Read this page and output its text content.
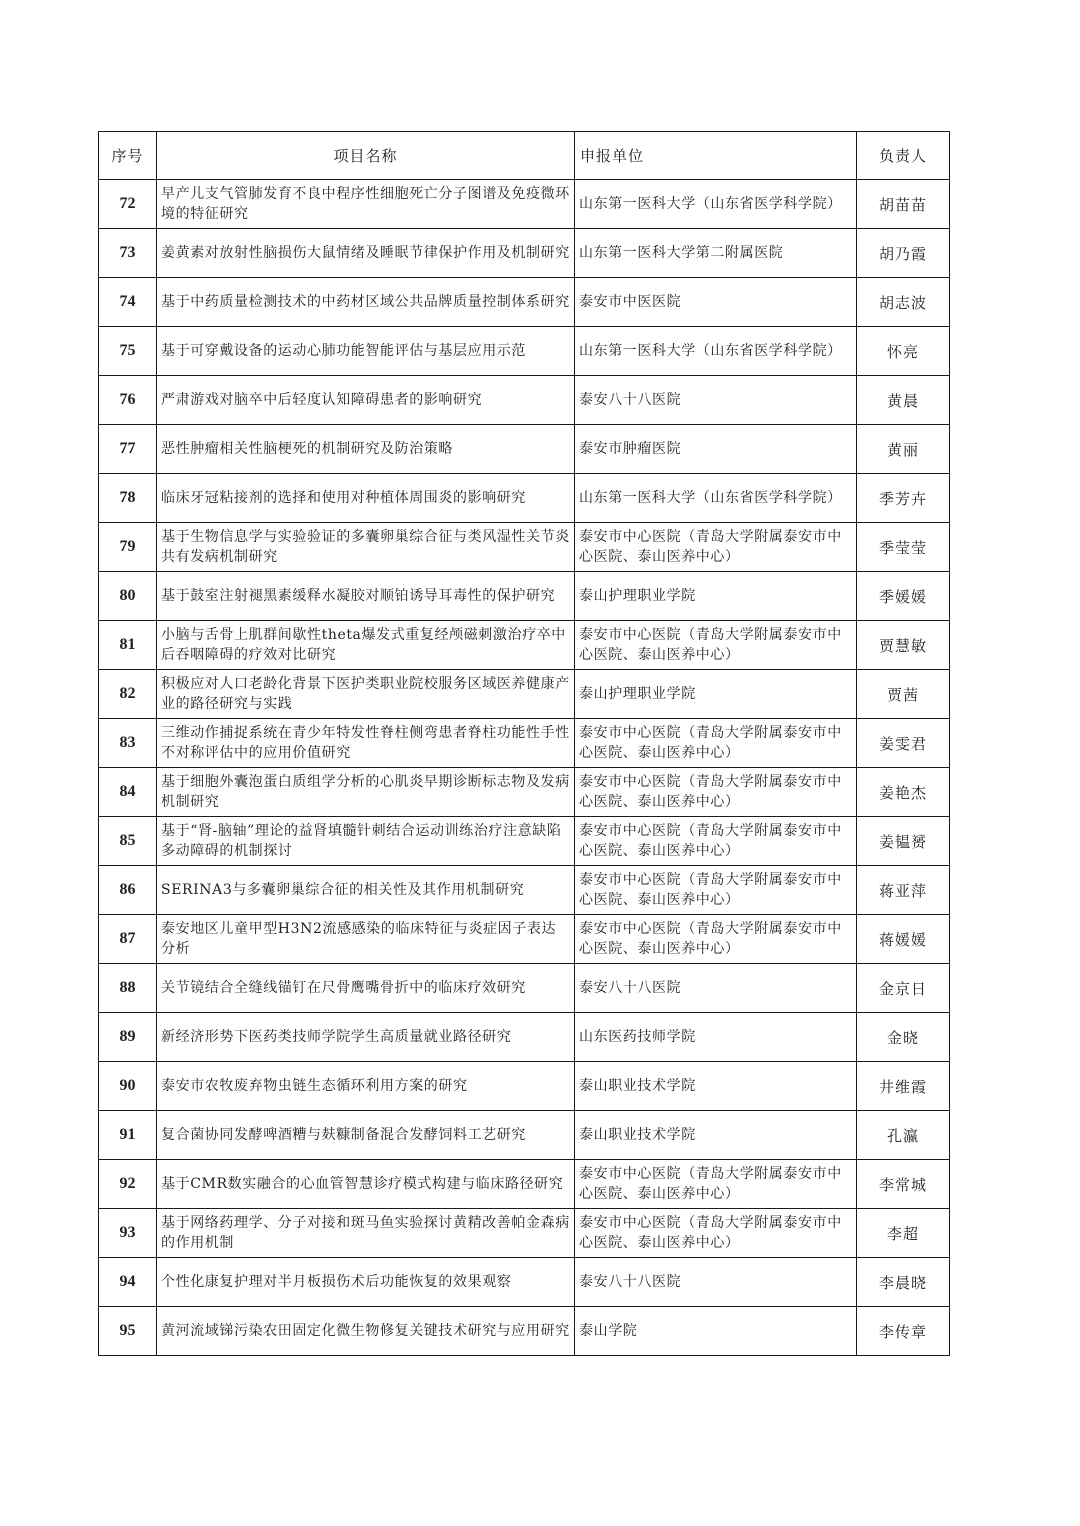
序号	项目名称	申报单位	负责人
72	早产儿支气管肺发育不良中程序性细胞死亡分子图谱及免疫微环境的特征研究	山东第一医科大学（山东省医学科学院）	胡苗苗
73	姜黄素对放射性脑损伤大鼠情绪及睡眠节律保护作用及机制研究	山东第一医科大学第二附属医院	胡乃霞
74	基于中药质量检测技术的中药材区域公共品牌质量控制体系研究	泰安市中医医院	胡志波
75	基于可穿戴设备的运动心肺功能智能评估与基层应用示范	山东第一医科大学（山东省医学科学院）	怀亮
76	严肃游戏对脑卒中后轻度认知障碍患者的影响研究	泰安八十八医院	黄晨
77	恶性肿瘤相关性脑梗死的机制研究及防治策略	泰安市肿瘤医院	黄丽
78	临床牙冠粘接剂的选择和使用对种植体周围炎的影响研究	山东第一医科大学（山东省医学科学院）	季芳卉
79	基于生物信息学与实验验证的多囊卵巢综合征与类风湿性关节炎共有发病机制研究	泰安市中心医院（青岛大学附属泰安市中心医院、泰山医养中心）	季莹莹
80	基于鼓室注射褪黑素缓释水凝胶对顺铂诱导耳毒性的保护研究	泰山护理职业学院	季媛媛
81	小脑与舌骨上肌群间歇性theta爆发式重复经颅磁刺激治疗卒中后吞咽障碍的疗效对比研究	泰安市中心医院（青岛大学附属泰安市中心医院、泰山医养中心）	贾慧敏
82	积极应对人口老龄化背景下医护类职业院校服务区域医养健康产业的路径研究与实践	泰山护理职业学院	贾茜
83	三维动作捕捉系统在青少年特发性脊柱侧弯患者脊柱功能性手性不对称评估中的应用价值研究	泰安市中心医院（青岛大学附属泰安市中心医院、泰山医养中心）	姜雯君
84	基于细胞外囊泡蛋白质组学分析的心肌炎早期诊断标志物及发病机制研究	泰安市中心医院（青岛大学附属泰安市中心医院、泰山医养中心）	姜艳杰
85	基于“肾-脑轴”理论的益肾填髓针刺结合运动训练治疗注意缺陷多动障碍的机制探讨	泰安市中心医院（青岛大学附属泰安市中心医院、泰山医养中心）	姜韫赟
86	SERINA3与多囊卵巢综合征的相关性及其作用机制研究	泰安市中心医院（青岛大学附属泰安市中心医院、泰山医养中心）	蒋亚萍
87	泰安地区儿童甲型H3N2流感感染的临床特征与炎症因子表达分析	泰安市中心医院（青岛大学附属泰安市中心医院、泰山医养中心）	蒋媛媛
88	关节镜结合全缝线锚钉在尺骨鹰嘴骨折中的临床疗效研究	泰安八十八医院	金京日
89	新经济形势下医药类技师学院学生高质量就业路径研究	山东医药技师学院	金晓
90	泰安市农牧废弃物虫链生态循环利用方案的研究	泰山职业技术学院	井维霞
91	复合菌协同发酵啤酒糟与麸糠制备混合发酵饲料工艺研究	泰山职业技术学院	孔瀛
92	基于CMR数实融合的心血管智慧诊疗模式构建与临床路径研究	泰安市中心医院（青岛大学附属泰安市中心医院、泰山医养中心）	李常城
93	基于网络药理学、分子对接和斑马鱼实验探讨黄精改善帕金森病的作用机制	泰安市中心医院（青岛大学附属泰安市中心医院、泰山医养中心）	李超
94	个性化康复护理对半月板损伤术后功能恢复的效果观察	泰安八十八医院	李晨晓
95	黄河流域锑污染农田固定化微生物修复关键技术研究与应用研究	泰山学院	李传章
